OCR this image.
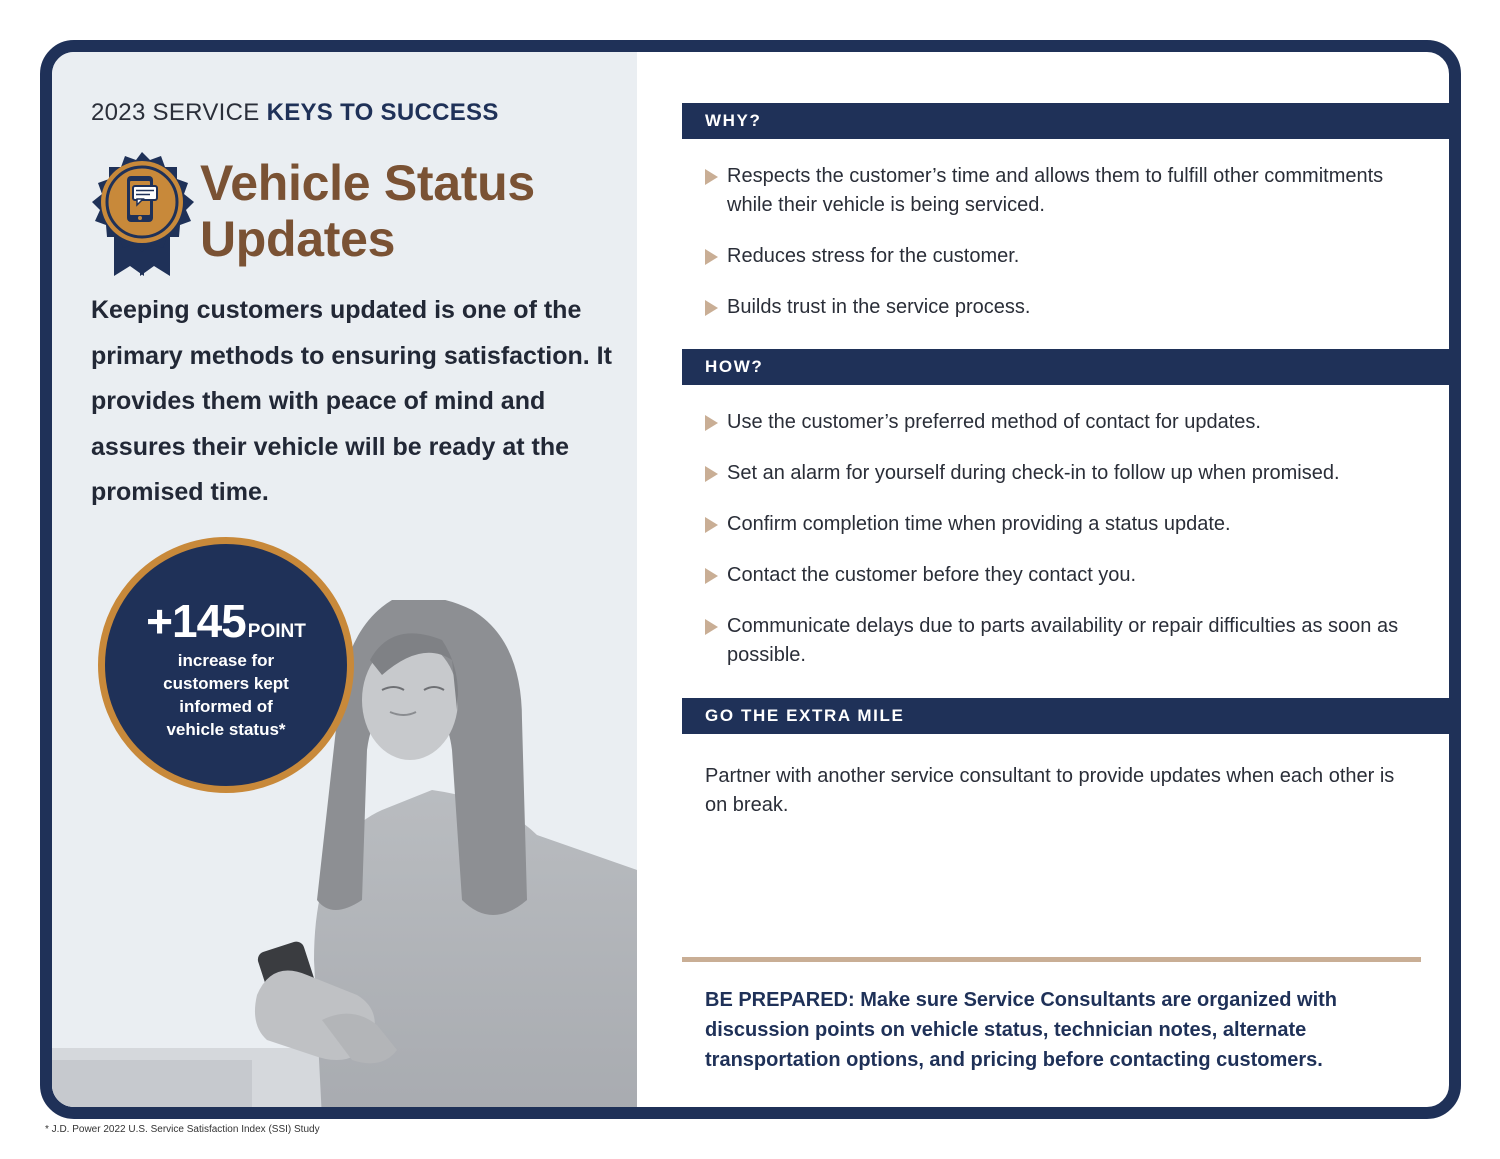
2023 SERVICE KEYS TO SUCCESS
Vehicle Status
Updates
Keeping customers updated is one of the primary methods to ensuring satisfaction. It provides them with peace of mind and assures their vehicle will be ready at the promised time.
+145 POINT
increase for
customers kept
informed of
vehicle status*
WHY?
Respects the customer’s time and allows them to fulfill other commitments while their vehicle is being serviced.
Reduces stress for the customer.
Builds trust in the service process.
HOW?
Use the customer’s preferred method of contact for updates.
Set an alarm for yourself during check-in to follow up when promised.
Confirm completion time when providing a status update.
Contact the customer before they contact you.
Communicate delays due to parts availability or repair difficulties as soon as possible.
GO THE EXTRA MILE
Partner with another service consultant to provide updates when each other is on break.
BE PREPARED: Make sure Service Consultants are organized with discussion points on vehicle status, technician notes, alternate transportation options, and pricing before contacting customers.
* J.D. Power 2022 U.S. Service Satisfaction Index (SSI) Study
